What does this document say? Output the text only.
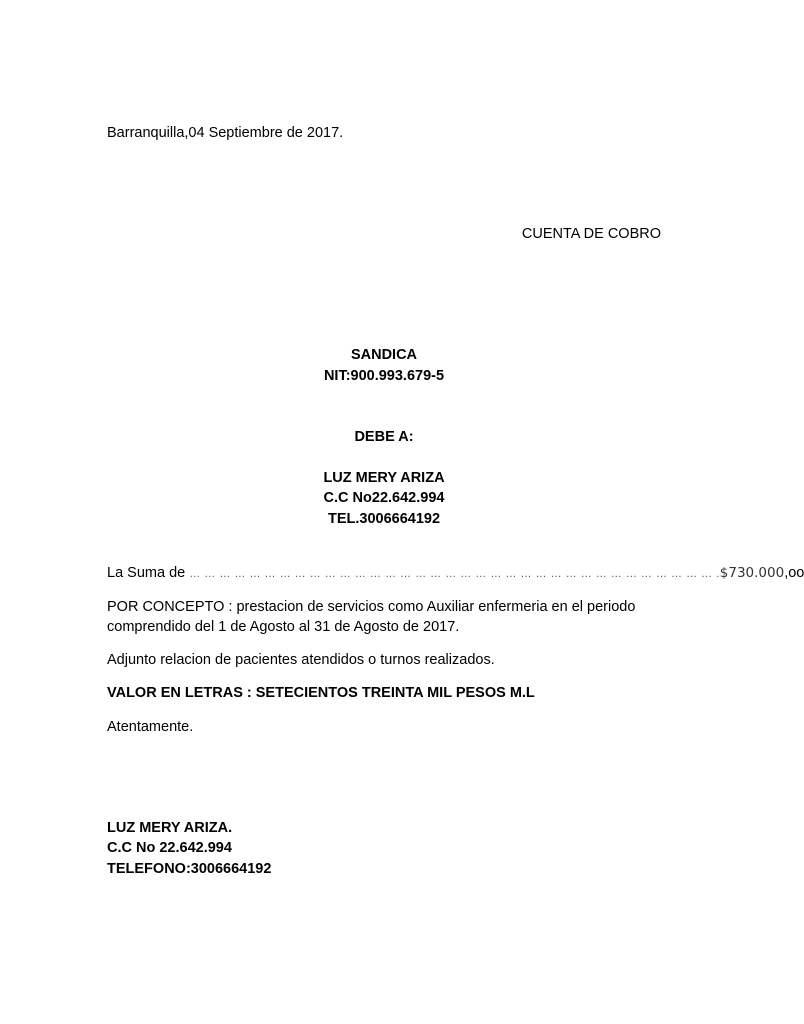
Barranquilla,04 Septiembre de 2017.
CUENTA DE COBRO
SANDICA
NIT:900.993.679-5
DEBE A:
LUZ MERY ARIZA
C.C No22.642.994
TEL.3006664192
La Suma de … … … … … … … … … … … … … … … … … … … … … … … … … … … … … … … … … … … .$730.000,oo
POR CONCEPTO : prestacion de servicios como Auxiliar enfermeria en el periodo comprendido del 1 de Agosto al 31 de Agosto de 2017.
Adjunto relacion de pacientes atendidos o turnos realizados.
VALOR EN LETRAS : SETECIENTOS TREINTA MIL PESOS M.L
Atentamente.
LUZ MERY ARIZA.
C.C No 22.642.994
TELEFONO:3006664192
